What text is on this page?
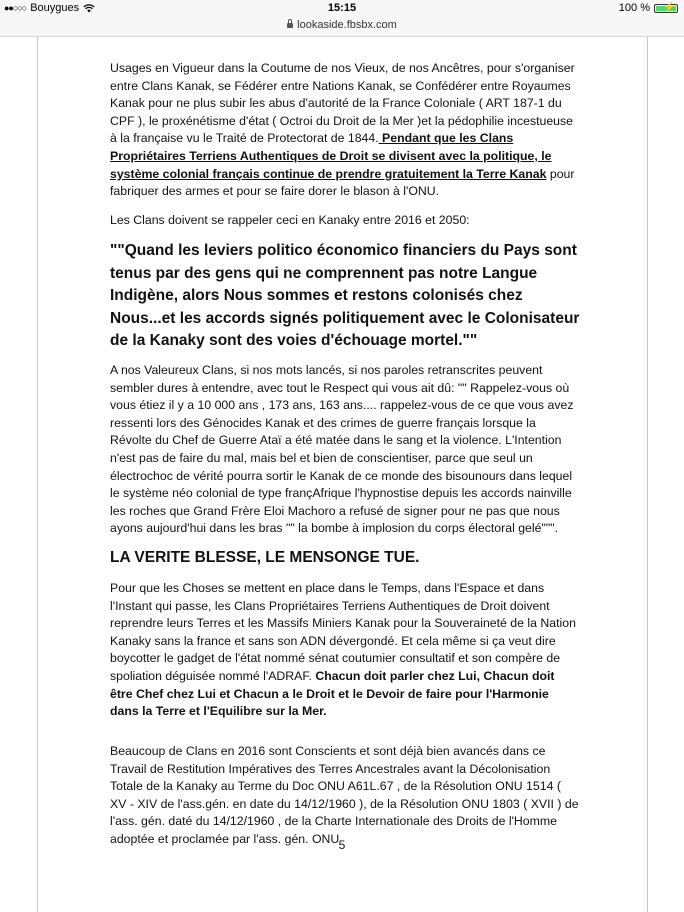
●●○○○ Bouygues	15:15	100 % ⚡
lookaside.fbsbx.com

Usages en Vigueur dans la Coutume de nos Vieux, de nos Ancêtres, pour s'organiser entre Clans Kanak, se Fédérer entre Nations Kanak, se Confédérer entre Royaumes Kanak pour ne plus subir les abus d'autorité de la France Coloniale ( ART 187-1 du CPF ), le proxénétisme d'état ( Octroi du Droit de la Mer )et la pédophilie incestueuse à la française vu le Traité de Protectorat de 1844. Pendant que les Clans Propriétaires Terriens Authentiques de Droit se divisent avec la politique, le système colonial français continue de prendre gratuitement la Terre Kanak pour fabriquer des armes et pour se faire dorer le blason à l'ONU.

Les Clans doivent se rappeler ceci en Kanaky entre 2016 et 2050:

""Quand les leviers politico économico financiers du Pays sont tenus par des gens qui ne comprennent pas notre Langue Indigène, alors Nous sommes et restons colonisés chez Nous...et les accords signés politiquement avec le Colonisateur de la Kanaky sont des voies d'échouage mortel.""

A nos Valeureux Clans, si nos mots lancés, si nos paroles retranscrites peuvent sembler dures à entendre, avec tout le Respect qui vous ait dû: "" Rappelez-vous où vous étiez il y a 10 000 ans , 173 ans, 163 ans.... rappelez-vous de ce que vous avez ressenti lors des Génocides Kanak et des crimes de guerre français lorsque la Révolte du Chef de Guerre Ataï a été matée dans le sang et la violence. L'Intention n'est pas de faire du mal, mais bel et bien de conscientiser, parce que seul un électrochoc de vérité pourra sortir le Kanak de ce monde des bisounours dans lequel le système néo colonial de type françAfrique l'hypnostise depuis les accords nainville les roches que Grand Frère Eloi Machoro a refusé de signer pour ne pas que nous ayons aujourd'hui dans les bras "" la bombe à implosion du corps électoral gelé""".

LA VERITE BLESSE, LE MENSONGE TUE.

Pour que les Choses se mettent en place dans le Temps, dans l'Espace et dans l'Instant qui passe, les Clans Propriétaires Terriens Authentiques de Droit doivent reprendre leurs Terres et les Massifs Miniers Kanak pour la Souveraineté de la Nation Kanaky sans la france et sans son ADN dévergondé. Et cela même si ça veut dire boycotter le gadget de l'état nommé sénat coutumier consultatif et son compère de spoliation déguisée nommé l'ADRAF. Chacun doit parler chez Lui, Chacun doit être Chef chez Lui et Chacun a le Droit et le Devoir de faire pour l'Harmonie dans la Terre et l'Equilibre sur la Mer.

Beaucoup de Clans en 2016 sont Conscients et sont déjà bien avancés dans ce Travail de Restitution Impératives des Terres Ancestrales avant la Décolonisation Totale de la Kanaky au Terme du Doc ONU A61L.67 , de la Résolution ONU 1514 ( XV - XIV de l'ass.gén. en date du 14/12/1960 ), de la Résolution ONU 1803 ( XVII ) de l'ass. gén. daté du 14/12/1960 , de la Charte Internationale des Droits de l'Homme adoptée et proclamée par l'ass. gén. ONU 5
